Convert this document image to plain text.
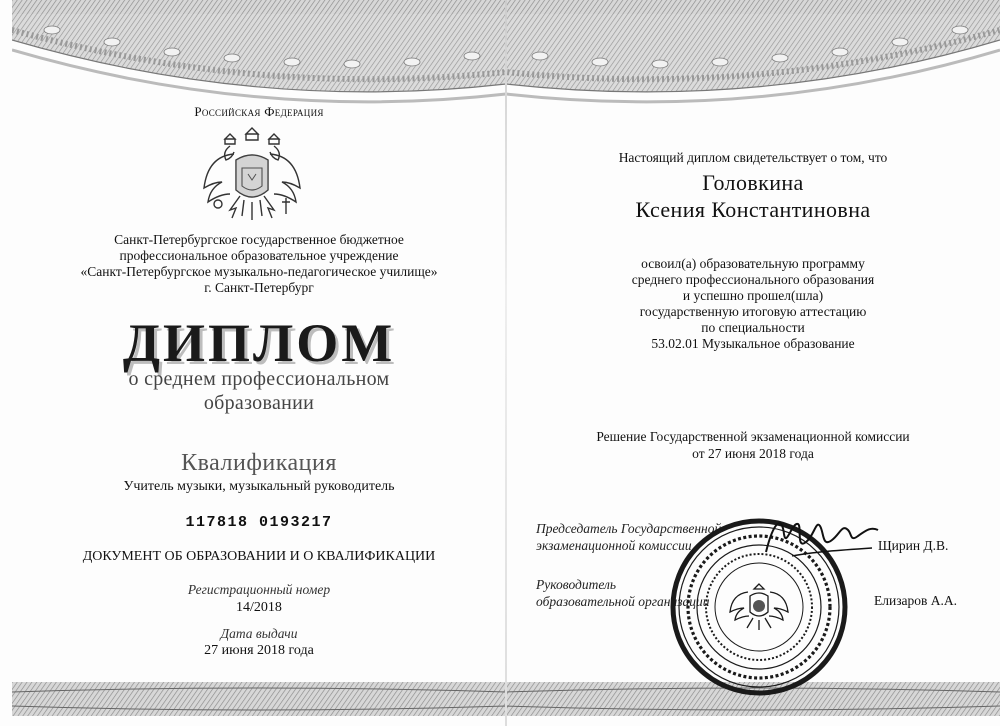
Российская Федерация
Санкт-Петербургское государственное бюджетное
профессиональное образовательное учреждение
«Санкт-Петербургское музыкально-педагогическое училище»
г. Санкт-Петербург
ДИПЛОМ
о среднем профессиональном
образовании
Квалификация
Учитель музыки, музыкальный руководитель
117818 0193217
ДОКУМЕНТ ОБ ОБРАЗОВАНИИ И О КВАЛИФИКАЦИИ
Регистрационный номер
14/2018
Дата выдачи
27 июня 2018 года
Настоящий диплом свидетельствует о том, что
Головкина
Ксения Константиновна
освоил(а) образовательную программу
среднего профессионального образования
и успешно прошел(шла)
государственную итоговую аттестацию
по специальности
53.02.01 Музыкальное образование
Решение Государственной экзаменационной комиссии
от 27 июня 2018 года
Председатель Государственной
экзаменационной комиссии	Щирин Д.В.
Руководитель
образовательной организации	Елизаров А.А.
